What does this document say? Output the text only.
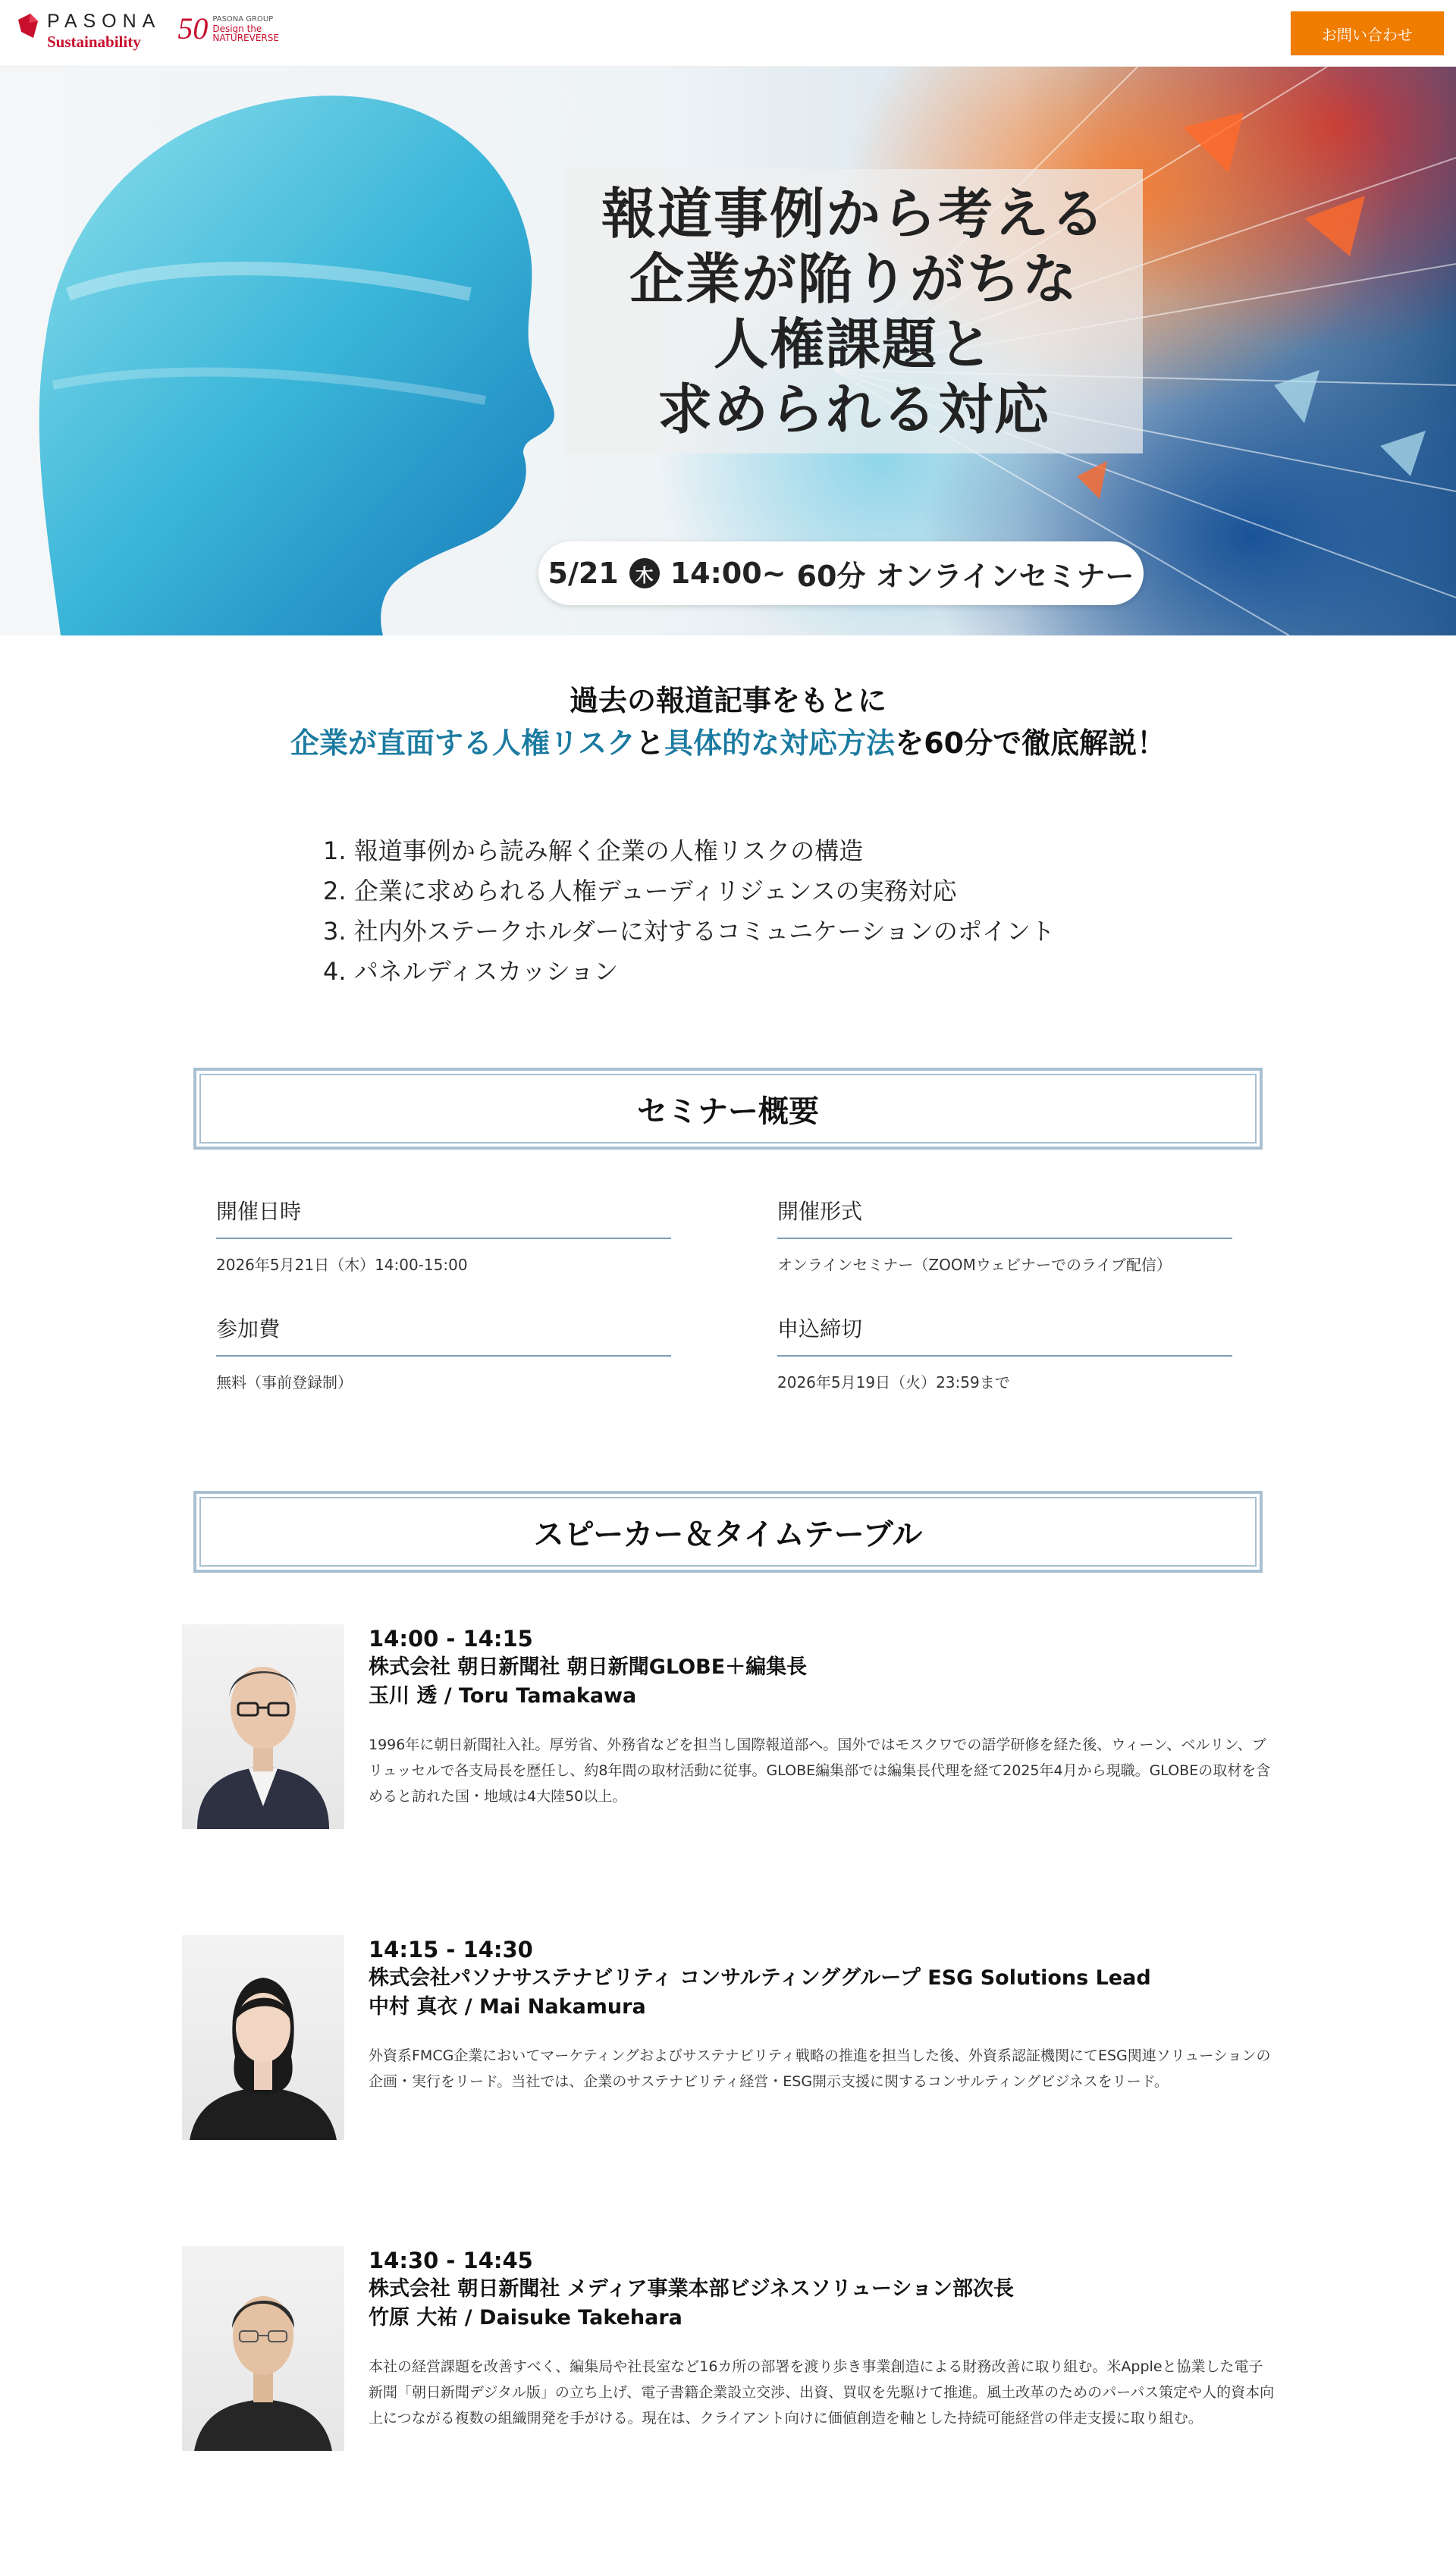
PASONA
Sustainability	50 PASONA GROUP
Design the
NATUREVERSE	お問い合わせ
報道事例から考える
企業が陥りがちな
人権課題と
求められる対応
5/21 木 14:00~ 60分 オンラインセミナー
過去の報道記事をもとに
企業が直面する人権リスクと具体的な対応方法を60分で徹底解説！
1. 報道事例から読み解く企業の人権リスクの構造
2. 企業に求められる人権デューディリジェンスの実務対応
3. 社内外ステークホルダーに対するコミュニケーションのポイント
4. パネルディスカッション
セミナー概要
開催日時
2026年5月21日（木）14:00-15:00
開催形式
オンラインセミナー（ZOOMウェビナーでのライブ配信）
参加費
無料（事前登録制）
申込締切
2026年5月19日（火）23:59まで
スピーカー＆タイムテーブル
14:00 - 14:15
株式会社 朝日新聞社 朝日新聞GLOBE＋編集長
玉川 透 / Toru Tamakawa
1996年に朝日新聞社入社。厚労省、外務省などを担当し国際報道部へ。国外ではモスクワでの語学研修を経た後、ウィーン、ベルリン、ブリュッセルで各支局長を歴任し、約8年間の取材活動に従事。GLOBE編集部では編集長代理を経て2025年4月から現職。GLOBEの取材を含めると訪れた国・地域は4大陸50以上。
14:15 - 14:30
株式会社パソナサステナビリティ コンサルティンググループ ESG Solutions Lead
中村 真衣 / Mai Nakamura
外資系FMCG企業においてマーケティングおよびサステナビリティ戦略の推進を担当した後、外資系認証機関にてESG関連ソリューションの企画・実行をリード。当社では、企業のサステナビリティ経営・ESG開示支援に関するコンサルティングビジネスをリード。
14:30 - 14:45
株式会社 朝日新聞社 メディア事業本部ビジネスソリューション部次長
竹原 大祐 / Daisuke Takehara
本社の経営課題を改善すべく、編集局や社長室など16カ所の部署を渡り歩き事業創造による財務改善に取り組む。米Appleと協業した電子新聞「朝日新聞デジタル版」の立ち上げ、電子書籍企業設立交渉、出資、買収を先駆けて推進。風土改革のためのパーパス策定や人的資本向上につながる複数の組織開発を手がける。現在は、クライアント向けに価値創造を軸とした持続可能経営の伴走支援に取り組む。
